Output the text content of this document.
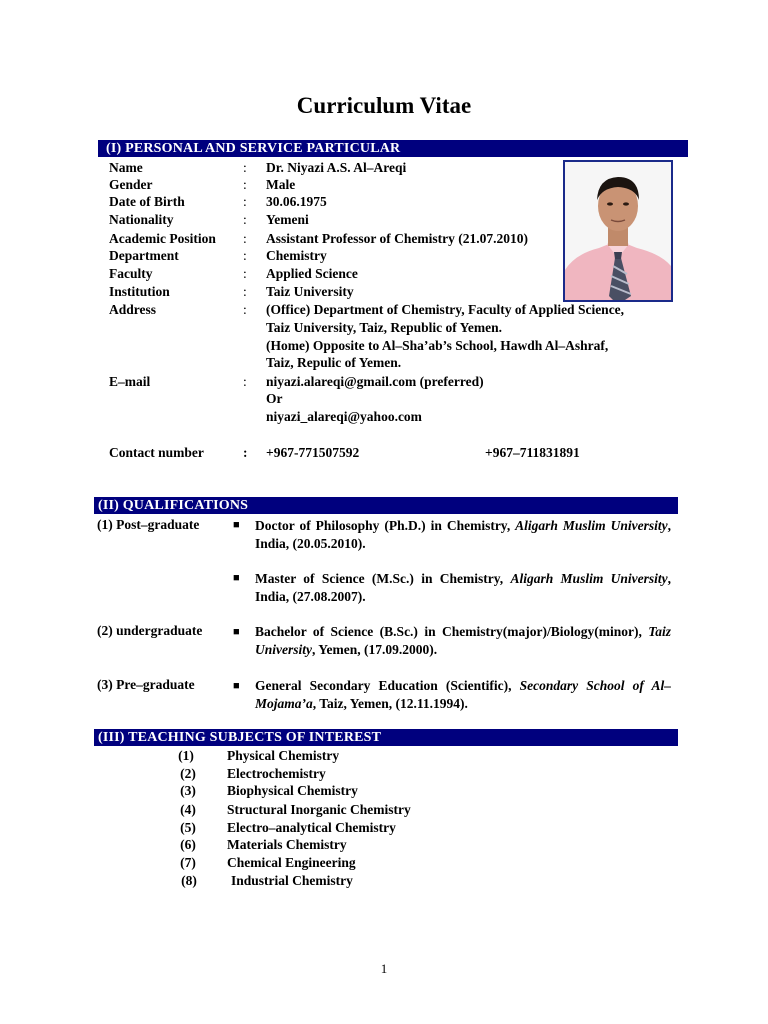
Curriculum Vitae
(I) PERSONAL AND SERVICE PARTICULAR
Name	: Dr. Niyazi A.S. Al–Areqi
Gender	: Male
Date of Birth	: 30.06.1975
Nationality	: Yemeni
Academic Position : Assistant Professor of Chemistry (21.07.2010)
Department	: Chemistry
Faculty	: Applied Science
Institution	: Taiz University
Address	: (Office) Department of Chemistry, Faculty of Applied Science,
Taiz University, Taiz, Republic of Yemen.
(Home) Opposite to Al–Sha’ab’s School, Hawdh Al–Ashraf,
Taiz, Repulic of Yemen.
E–mail	: niyazi.alareqi@gmail.com (preferred)
Or
niyazi_alareqi@yahoo.com
Contact number	: +967-771507592	+967–711831891
(II) QUALIFICATIONS
(1) Post–graduate	■ Doctor of Philosophy (Ph.D.) in Chemistry, Aligarh Muslim University, India, (20.05.2010).
■ Master of Science (M.Sc.) in Chemistry, Aligarh Muslim University, India, (27.08.2007).
(2) undergraduate	■ Bachelor of Science (B.Sc.) in Chemistry(major)/Biology(minor), Taiz University, Yemen, (17.09.2000).
(3) Pre–graduate	■ General Secondary Education (Scientific), Secondary School of Al–Mojama’a, Taiz, Yemen, (12.11.1994).
(III) TEACHING SUBJECTS OF INTEREST
(1)	Physical Chemistry
(2)	Electrochemistry
(3)	Biophysical Chemistry
(4)	Structural Inorganic Chemistry
(5)	Electro–analytical Chemistry
(6)	Materials Chemistry
(7)	Chemical Engineering
(8)	Industrial Chemistry
1
